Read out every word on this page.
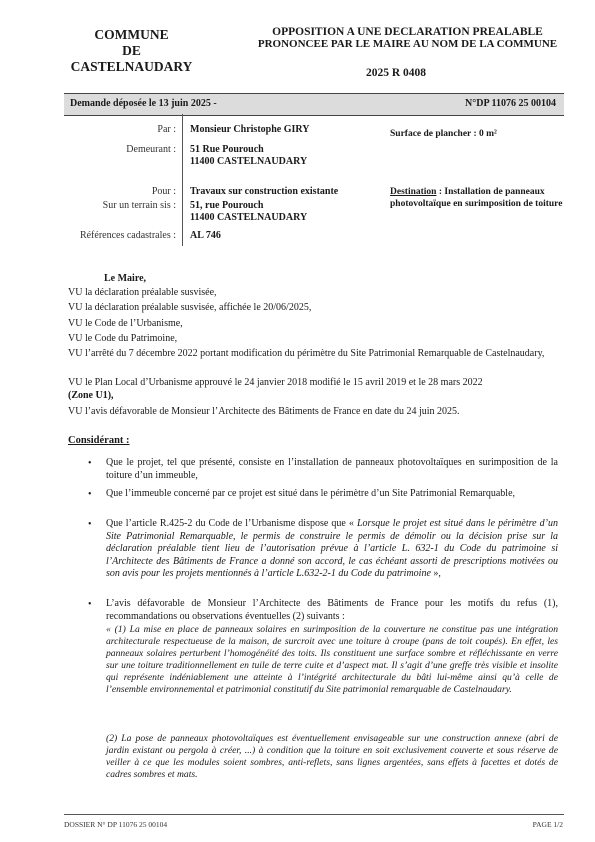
COMMUNE
DE
CASTELNAUDARY
OPPOSITION A UNE DECLARATION PREALABLE
PRONONCEE PAR LE MAIRE AU NOM DE LA COMMUNE
2025 R 0408
Demande déposée le 13 juin 2025 -	N°DP 11076 25 00104
Par : Monsieur Christophe GIRY
Demeurant : 51 Rue Pourouch
11400 CASTELNAUDARY
Pour : Travaux sur construction existante
Sur un terrain sis : 51, rue Pourouch
11400 CASTELNAUDARY
Références cadastrales : AL 746
Surface de plancher : 0 m²
Destination : Installation de panneaux photovoltaïque en surimposition de toiture
Le Maire,
VU la déclaration préalable susvisée,
VU la déclaration préalable susvisée, affichée le 20/06/2025,
VU le Code de l’Urbanisme,
VU le Code du Patrimoine,
VU l’arrêté du 7 décembre 2022 portant modification du périmètre du Site Patrimonial Remarquable de Castelnaudary,
VU le Plan Local d’Urbanisme approuvé le 24 janvier 2018 modifié le 15 avril 2019 et le 28 mars 2022
(Zone U1),
VU l’avis défavorable de Monsieur l’Architecte des Bâtiments de France en date du 24 juin 2025.
Considérant :
•	Que le projet, tel que présenté, consiste en l’installation de panneaux photovoltaïques en surimposition de la toiture d’un immeuble,
•	Que l’immeuble concerné par ce projet est situé dans le périmètre d’un Site Patrimonial Remarquable,
•	Que l’article R.425-2 du Code de l’Urbanisme dispose que « Lorsque le projet est situé dans le périmètre d’un Site Patrimonial Remarquable, le permis de construire le permis de démolir ou la décision prise sur la déclaration préalable tient lieu de l’autorisation prévue à l’article L. 632-1 du Code du patrimoine si l’Architecte des Bâtiments de France a donné son accord, le cas échéant assorti de prescriptions motivées ou son avis pour les projets mentionnés à l’article L.632-2-1 du Code du patrimoine »,
•	L’avis défavorable de Monsieur l’Architecte des Bâtiments de France pour les motifs du refus (1), recommandations ou observations éventuelles (2) suivants :
« (1) La mise en place de panneaux solaires en surimposition de la couverture ne constitue pas une intégration architecturale respectueuse de la maison, de surcroit avec une toiture à croupe (pans de toit coupés). En effet, les panneaux solaires perturbent l’homogénéité des toits. Ils constituent une surface sombre et réfléchissante en verre sur une toiture traditionnellement en tuile de terre cuite et d’aspect mat. Il s’agit d’une greffe très visible et insolite qui représente indéniablement une atteinte à l’intégrité architecturale du bâti lui-même ainsi qu’à celle de l’ensemble environnemental et patrimonial constitutif du Site patrimonial remarquable de Castelnaudary.
(2) La pose de panneaux photovoltaïques est éventuellement envisageable sur une construction annexe (abri de jardin existant ou pergola à créer, ...) à condition que la toiture en soit exclusivement couverte et sous réserve de veiller à ce que les modules soient sombres, anti-reflets, sans lignes argentées, sans effets à facettes et dotés de cadres sombres et mats.
DOSSIER N° DP 11076 25 00104	PAGE 1/2
